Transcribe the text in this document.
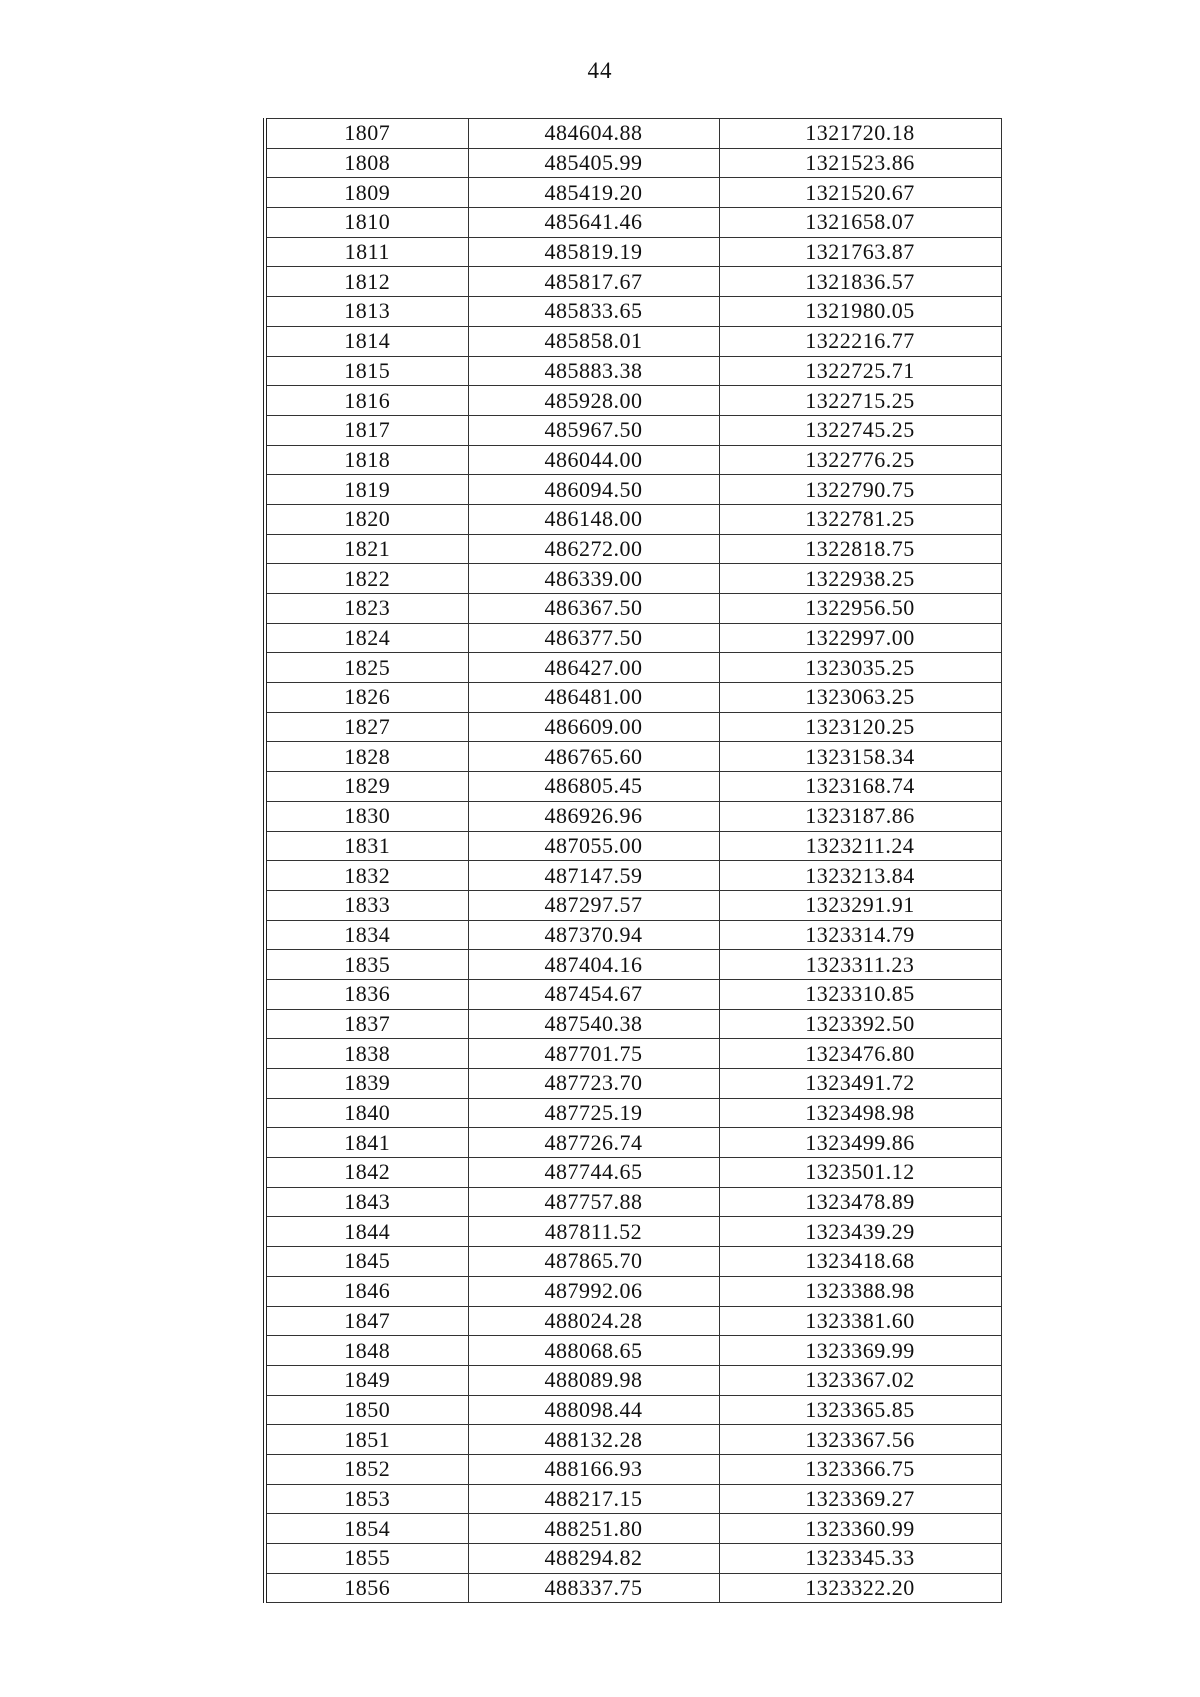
44
1807	484604.88	1321720.18
1808	485405.99	1321523.86
1809	485419.20	1321520.67
1810	485641.46	1321658.07
1811	485819.19	1321763.87
1812	485817.67	1321836.57
1813	485833.65	1321980.05
1814	485858.01	1322216.77
1815	485883.38	1322725.71
1816	485928.00	1322715.25
1817	485967.50	1322745.25
1818	486044.00	1322776.25
1819	486094.50	1322790.75
1820	486148.00	1322781.25
1821	486272.00	1322818.75
1822	486339.00	1322938.25
1823	486367.50	1322956.50
1824	486377.50	1322997.00
1825	486427.00	1323035.25
1826	486481.00	1323063.25
1827	486609.00	1323120.25
1828	486765.60	1323158.34
1829	486805.45	1323168.74
1830	486926.96	1323187.86
1831	487055.00	1323211.24
1832	487147.59	1323213.84
1833	487297.57	1323291.91
1834	487370.94	1323314.79
1835	487404.16	1323311.23
1836	487454.67	1323310.85
1837	487540.38	1323392.50
1838	487701.75	1323476.80
1839	487723.70	1323491.72
1840	487725.19	1323498.98
1841	487726.74	1323499.86
1842	487744.65	1323501.12
1843	487757.88	1323478.89
1844	487811.52	1323439.29
1845	487865.70	1323418.68
1846	487992.06	1323388.98
1847	488024.28	1323381.60
1848	488068.65	1323369.99
1849	488089.98	1323367.02
1850	488098.44	1323365.85
1851	488132.28	1323367.56
1852	488166.93	1323366.75
1853	488217.15	1323369.27
1854	488251.80	1323360.99
1855	488294.82	1323345.33
1856	488337.75	1323322.20
